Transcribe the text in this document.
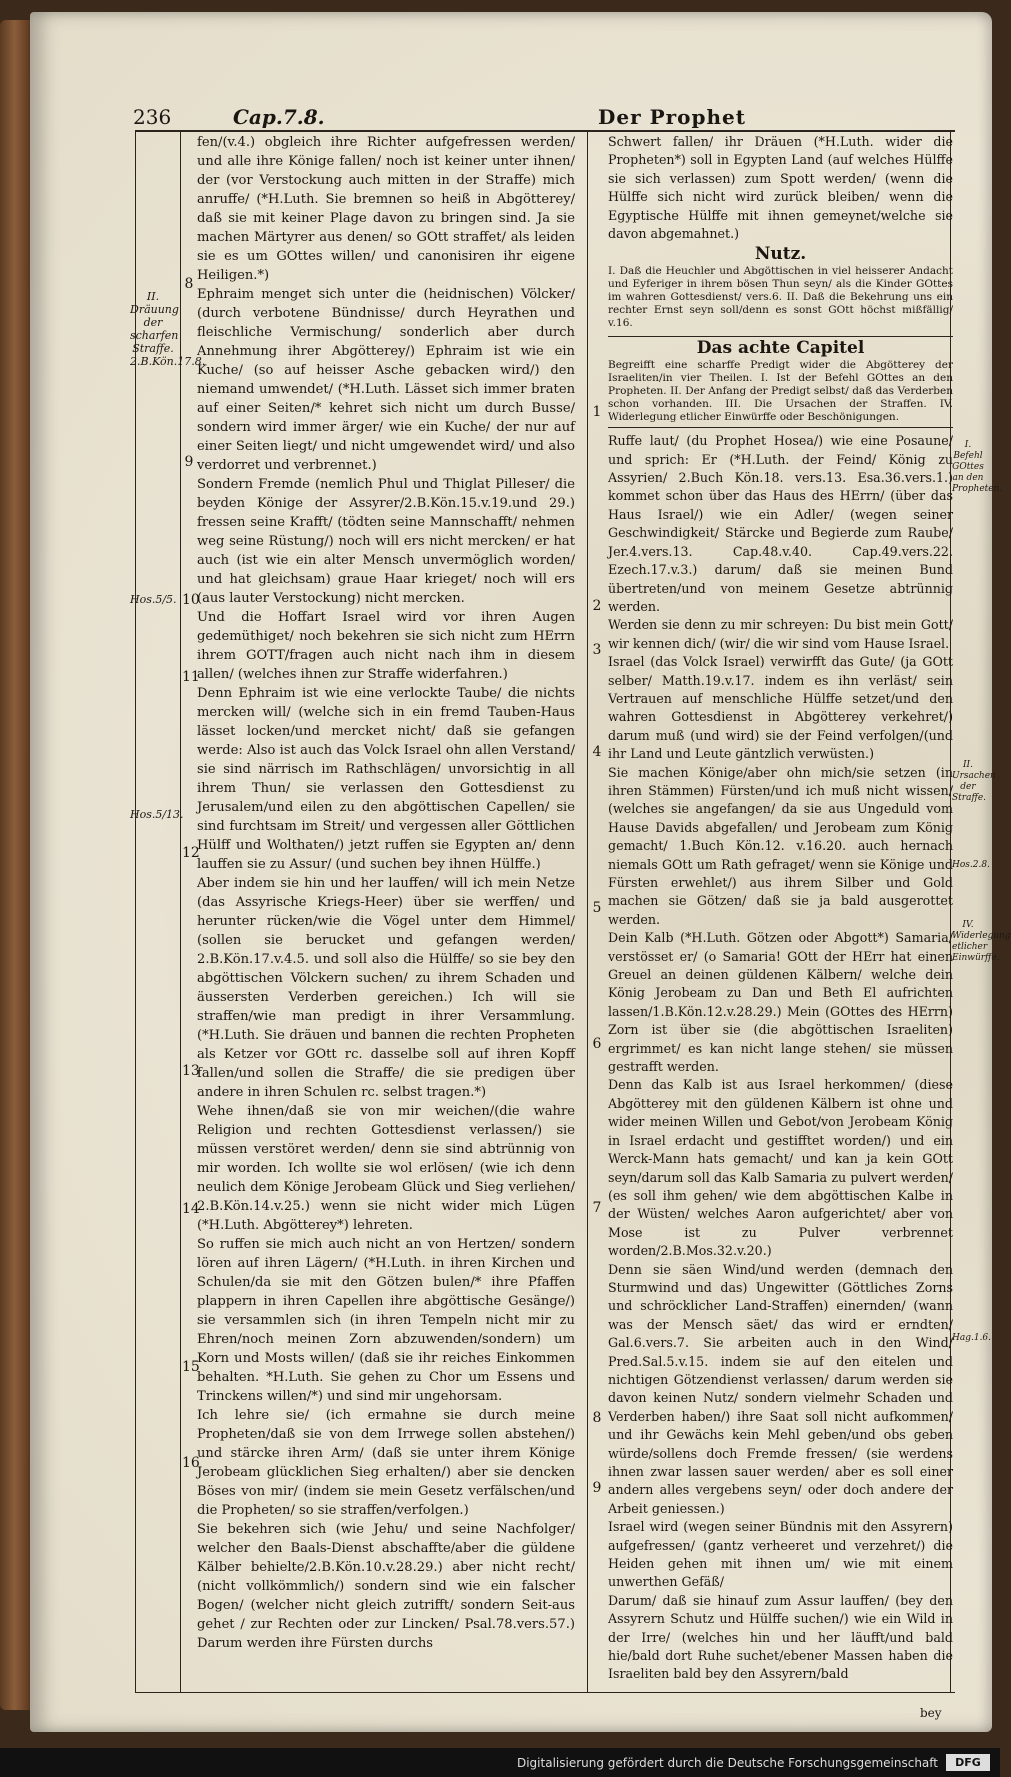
236	Cap.7.8.	Der Prophet
II.
Dräuung der scharfen Straffe.
2.B.Kön.17.8.
Hos.5/5.
Hos.5/13.
I.
Befehl GOttes an den Propheten.
II.
Ursachen der Straffe.
Hos.2.8.
IV.
Widerlegung etlicher Einwürffe.
Hag.1.6.
8
9
10
11
12
13
14
15
16
1
2
3
4
5
6
7
8
9

fen/(v.4.) obgleich ihre Richter aufgefressen werden/ und alle ihre Könige fallen/ noch ist keiner unter ihnen/ der (vor Verstockung auch mitten in der Straffe) mich anruffe/ (*H.Luth. Sie bremnen so heiß in Abgötterey/ daß sie mit keiner Plage davon zu bringen sind. Ja sie machen Märtyrer aus denen/ so GOtt straffet/ als leiden sie es um GOttes willen/ und canonisiren ihr eigene Heiligen.*)

Ephraim menget sich unter die (heidnischen) Völcker/ (durch verbotene Bündnisse/ durch Heyrathen und fleischliche Vermischung/ sonderlich aber durch Annehmung ihrer Abgötterey/) Ephraim ist wie ein Kuche/ (so auf heisser Asche gebacken wird/) den niemand umwendet/ (*H.Luth. Lässet sich immer braten auf einer Seiten/* kehret sich nicht um durch Busse/ sondern wird immer ärger/ wie ein Kuche/ der nur auf einer Seiten liegt/ und nicht umgewendet wird/ und also verdorret und verbrennet.)

Sondern Fremde (nemlich Phul und Thiglat Pilleser/ die beyden Könige der Assyrer/2.B.Kön.15.v.19.und 29.) fressen seine Krafft/ (tödten seine Mannschafft/ nehmen weg seine Rüstung/) noch will ers nicht mercken/ er hat auch (ist wie ein alter Mensch unvermöglich worden/ und hat gleichsam) graue Haar krieget/ noch will ers (aus lauter Verstockung) nicht mercken.

Und die Hoffart Israel wird vor ihren Augen gedemüthiget/ noch bekehren sie sich nicht zum HErrn ihrem GOTT/fragen auch nicht nach ihm in diesem allen/ (welches ihnen zur Straffe widerfahren.)

Denn Ephraim ist wie eine verlockte Taube/ die nichts mercken will/ (welche sich in ein fremd Tauben-Haus lässet locken/und mercket nicht/ daß sie gefangen werde: Also ist auch das Volck Israel ohn allen Verstand/ sie sind närrisch im Rathschlägen/ unvorsichtig in all ihrem Thun/ sie verlassen den Gottesdienst zu Jerusalem/und eilen zu den abgöttischen Capellen/ sie sind furchtsam im Streit/ und vergessen aller Göttlichen Hülff und Wolthaten/) jetzt ruffen sie Egypten an/ denn lauffen sie zu Assur/ (und suchen bey ihnen Hülffe.)

Aber indem sie hin und her lauffen/ will ich mein Netze (das Assyrische Kriegs-Heer) über sie werffen/ und herunter rücken/wie die Vögel unter dem Himmel/ (sollen sie berucket und gefangen werden/ 2.B.Kön.17.v.4.5. und soll also die Hülffe/ so sie bey den abgöttischen Völckern suchen/ zu ihrem Schaden und äussersten Verderben gereichen.) Ich will sie straffen/wie man predigt in ihrer Versammlung. (*H.Luth. Sie dräuen und bannen die rechten Propheten als Ketzer vor GOtt rc. dasselbe soll auf ihren Kopff fallen/und sollen die Straffe/ die sie predigen über andere in ihren Schulen rc. selbst tragen.*)

Wehe ihnen/daß sie von mir weichen/(die wahre Religion und rechten Gottesdienst verlassen/) sie müssen verstöret werden/ denn sie sind abtrünnig von mir worden. Ich wollte sie wol erlösen/ (wie ich denn neulich dem Könige Jerobeam Glück und Sieg verliehen/ 2.B.Kön.14.v.25.) wenn sie nicht wider mich Lügen (*H.Luth. Abgötterey*) lehreten.

So ruffen sie mich auch nicht an von Hertzen/ sondern lören auf ihren Lägern/ (*H.Luth. in ihren Kirchen und Schulen/da sie mit den Götzen bulen/* ihre Pfaffen plappern in ihren Capellen ihre abgöttische Gesänge/) sie versammlen sich (in ihren Tempeln nicht mir zu Ehren/noch meinen Zorn abzuwenden/sondern) um Korn und Mosts willen/ (daß sie ihr reiches Einkommen behalten. *H.Luth. Sie gehen zu Chor um Essens und Trinckens willen/*) und sind mir ungehorsam.

Ich lehre sie/ (ich ermahne sie durch meine Propheten/daß sie von dem Irrwege sollen abstehen/) und stärcke ihren Arm/ (daß sie unter ihrem Könige Jerobeam glücklichen Sieg erhalten/) aber sie dencken Böses von mir/ (indem sie mein Gesetz verfälschen/und die Propheten/ so sie straffen/verfolgen.)

Sie bekehren sich (wie Jehu/ und seine Nachfolger/ welcher den Baals-Dienst abschaffte/aber die güldene Kälber behielte/2.B.Kön.10.v.28.29.) aber nicht recht/ (nicht vollkömmlich/) sondern sind wie ein falscher Bogen/ (welcher nicht gleich zutrifft/ sondern Seit-aus gehet / zur Rechten oder zur Lincken/ Psal.78.vers.57.) Darum werden ihre Fürsten durchs

Schwert fallen/ ihr Dräuen (*H.Luth. wider die Propheten*) soll in Egypten Land (auf welches Hülffe sie sich verlassen) zum Spott werden/ (wenn die Hülffe sich nicht wird zurück bleiben/ wenn die Egyptische Hülffe mit ihnen gemeynet/welche sie davon abgemahnet.)

Nutz.
I. Daß die Heuchler und Abgöttischen in viel heisserer Andacht und Eyferiger in ihrem bösen Thun seyn/ als die Kinder GOttes im wahren Gottesdienst/ vers.6. II. Daß die Bekehrung uns ein rechter Ernst seyn soll/denn es sonst GOtt höchst mißfällig/ v.16.
Das achte Capitel
Begreifft eine scharffe Predigt wider die Abgötterey der Israeliten/in vier Theilen. I. Ist der Befehl GOttes an den Propheten. II. Der Anfang der Predigt selbst/ daß das Verderben schon vorhanden. III. Die Ursachen der Straffen. IV. Widerlegung etlicher Einwürffe oder Beschönigungen.

Ruffe laut/ (du Prophet Hosea/) wie eine Posaune/ und sprich: Er (*H.Luth. der Feind/ König zu Assyrien/ 2.Buch Kön.18. vers.13. Esa.36.vers.1.) kommet schon über das Haus des HErrn/ (über das Haus Israel/) wie ein Adler/ (wegen seiner Geschwindigkeit/ Stärcke und Begierde zum Raube/ Jer.4.vers.13. Cap.48.v.40. Cap.49.vers.22. Ezech.17.v.3.) darum/ daß sie meinen Bund übertreten/und von meinem Gesetze abtrünnig werden.

Werden sie denn zu mir schreyen: Du bist mein Gott/ wir kennen dich/ (wir/ die wir sind vom Hause Israel.

Israel (das Volck Israel) verwirfft das Gute/ (ja GOtt selber/ Matth.19.v.17. indem es ihn verläst/ sein Vertrauen auf menschliche Hülffe setzet/und den wahren Gottesdienst in Abgötterey verkehret/) darum muß (und wird) sie der Feind verfolgen/(und ihr Land und Leute gäntzlich verwüsten.)

Sie machen Könige/aber ohn mich/sie setzen (in ihren Stämmen) Fürsten/und ich muß nicht wissen/ (welches sie angefangen/ da sie aus Ungeduld vom Hause Davids abgefallen/ und Jerobeam zum König gemacht/ 1.Buch Kön.12. v.16.20. auch hernach niemals GOtt um Rath gefraget/ wenn sie Könige und Fürsten erwehlet/) aus ihrem Silber und Gold machen sie Götzen/ daß sie ja bald ausgerottet werden.

Dein Kalb (*H.Luth. Götzen oder Abgott*) Samaria/ verstösset er/ (o Samaria! GOtt der HErr hat einen Greuel an deinen güldenen Kälbern/ welche dein König Jerobeam zu Dan und Beth El aufrichten lassen/1.B.Kön.12.v.28.29.) Mein (GOttes des HErrn) Zorn ist über sie (die abgöttischen Israeliten) ergrimmet/ es kan nicht lange stehen/ sie müssen gestrafft werden.

Denn das Kalb ist aus Israel herkommen/ (diese Abgötterey mit den güldenen Kälbern ist ohne und wider meinen Willen und Gebot/von Jerobeam König in Israel erdacht und gestifftet worden/) und ein Werck-Mann hats gemacht/ und kan ja kein GOtt seyn/darum soll das Kalb Samaria zu pulvert werden/ (es soll ihm gehen/ wie dem abgöttischen Kalbe in der Wüsten/ welches Aaron aufgerichtet/ aber von Mose ist zu Pulver verbrennet worden/2.B.Mos.32.v.20.)

Denn sie säen Wind/und werden (demnach den Sturmwind und das) Ungewitter (Göttliches Zorns und schröcklicher Land-Straffen) einernden/ (wann was der Mensch säet/ das wird er erndten/ Gal.6.vers.7. Sie arbeiten auch in den Wind/ Pred.Sal.5.v.15. indem sie auf den eitelen und nichtigen Götzendienst verlassen/ darum werden sie davon keinen Nutz/ sondern vielmehr Schaden und Verderben haben/) ihre Saat soll nicht aufkommen/ und ihr Gewächs kein Mehl geben/und obs geben würde/sollens doch Fremde fressen/ (sie werdens ihnen zwar lassen sauer werden/ aber es soll einer andern alles vergebens seyn/ oder doch andere der Arbeit geniessen.)

Israel wird (wegen seiner Bündnis mit den Assyrern) aufgefressen/ (gantz verheeret und verzehret/) die Heiden gehen mit ihnen um/ wie mit einem unwerthen Gefäß/

Darum/ daß sie hinauf zum Assur lauffen/ (bey den Assyrern Schutz und Hülffe suchen/) wie ein Wild in der Irre/ (welches hin und her läufft/und bald hie/bald dort Ruhe suchet/ebener Massen haben die Israeliten bald bey den Assyrern/bald

bey
Digitalisierung gefördert durch die Deutsche Forschungsgemeinschaft	DFG
